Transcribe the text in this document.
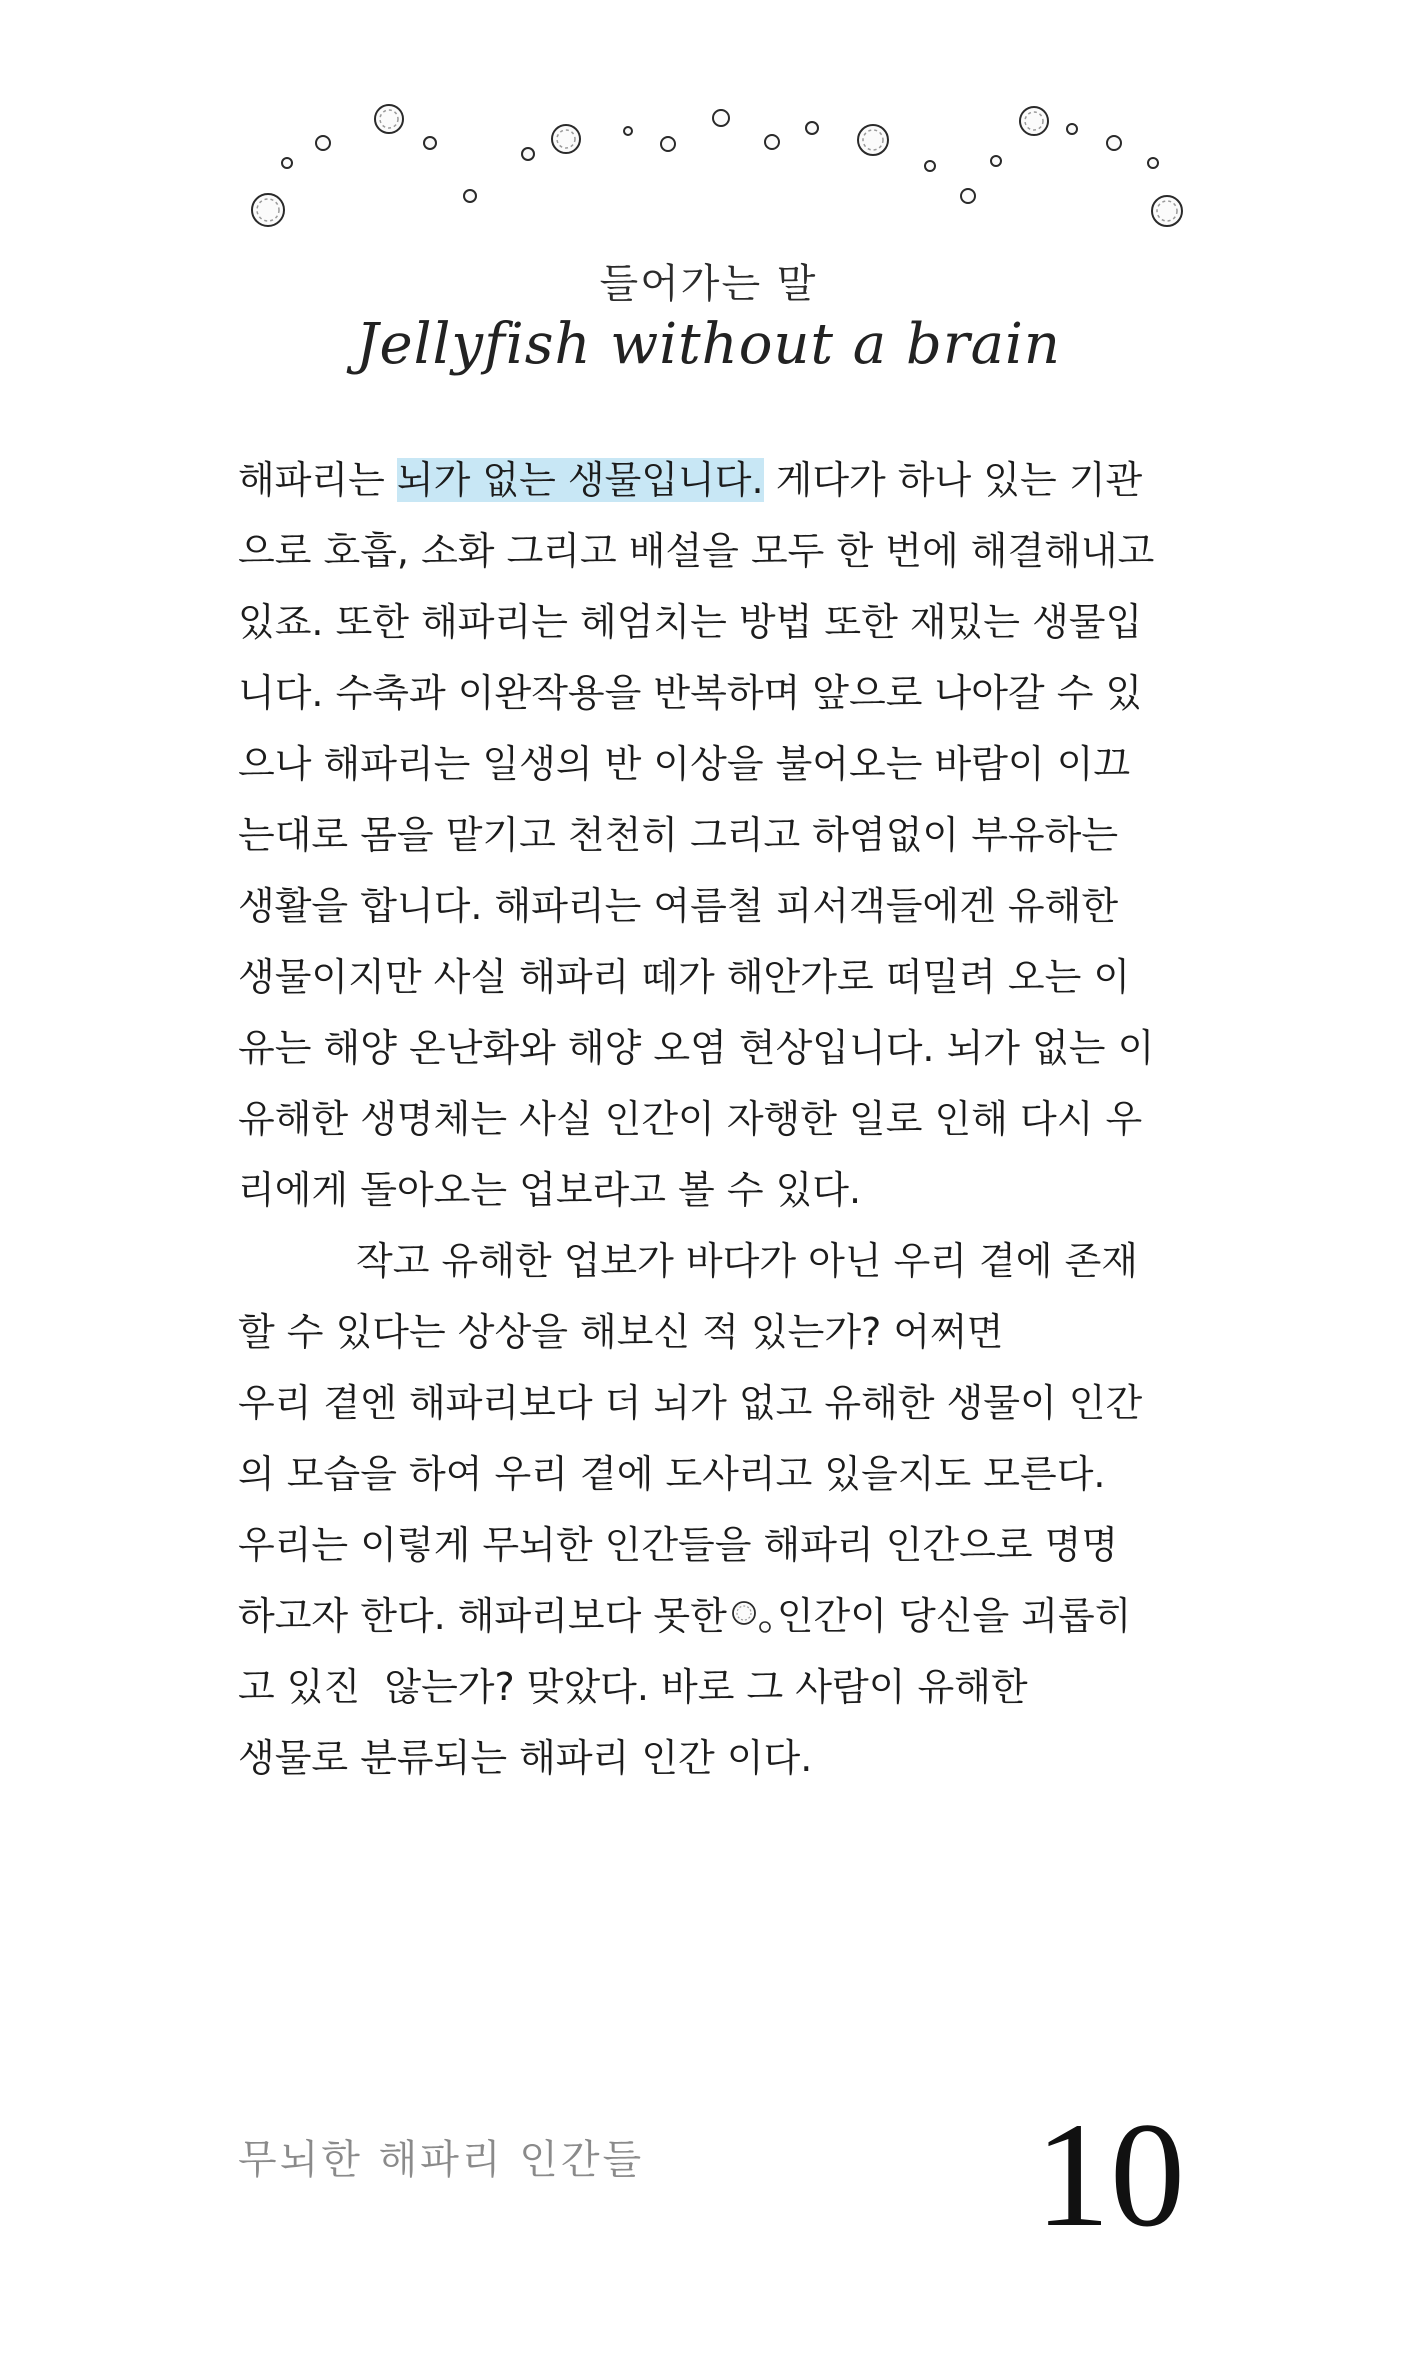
들어가는 말
Jellyfish without a brain
해파리는 뇌가 없는 생물입니다. 게다가 하나 있는 기관
으로 호흡, 소화 그리고 배설을 모두 한 번에 해결해내고
있죠. 또한 해파리는 헤엄치는 방법 또한 재밌는 생물입
니다. 수축과 이완작용을 반복하며 앞으로 나아갈 수 있
으나 해파리는 일생의 반 이상을 불어오는 바람이 이끄
는대로 몸을 맡기고 천천히 그리고 하염없이 부유하는
생활을 합니다. 해파리는 여름철 피서객들에겐 유해한
생물이지만 사실 해파리 떼가 해안가로 떠밀려 오는 이
유는 해양 온난화와 해양 오염 현상입니다. 뇌가 없는 이
유해한 생명체는 사실 인간이 자행한 일로 인해 다시 우
리에게 돌아오는 업보라고 볼 수 있다.
작고 유해한 업보가 바다가 아닌 우리 곁에 존재
할 수 있다는 상상을 해보신 적 있는가? 어쩌면
우리 곁엔 해파리보다 더 뇌가 없고 유해한 생물이 인간
의 모습을 하여 우리 곁에 도사리고 있을지도 모른다.
우리는 이렇게 무뇌한 인간들을 해파리 인간으로 명명
하고자 한다. 해파리보다 못한 인간이 당신을 괴롭히
고 있진  않는가? 맞았다. 바로 그 사람이 유해한
생물로 분류되는 해파리 인간 이다.
무뇌한 해파리 인간들	10
